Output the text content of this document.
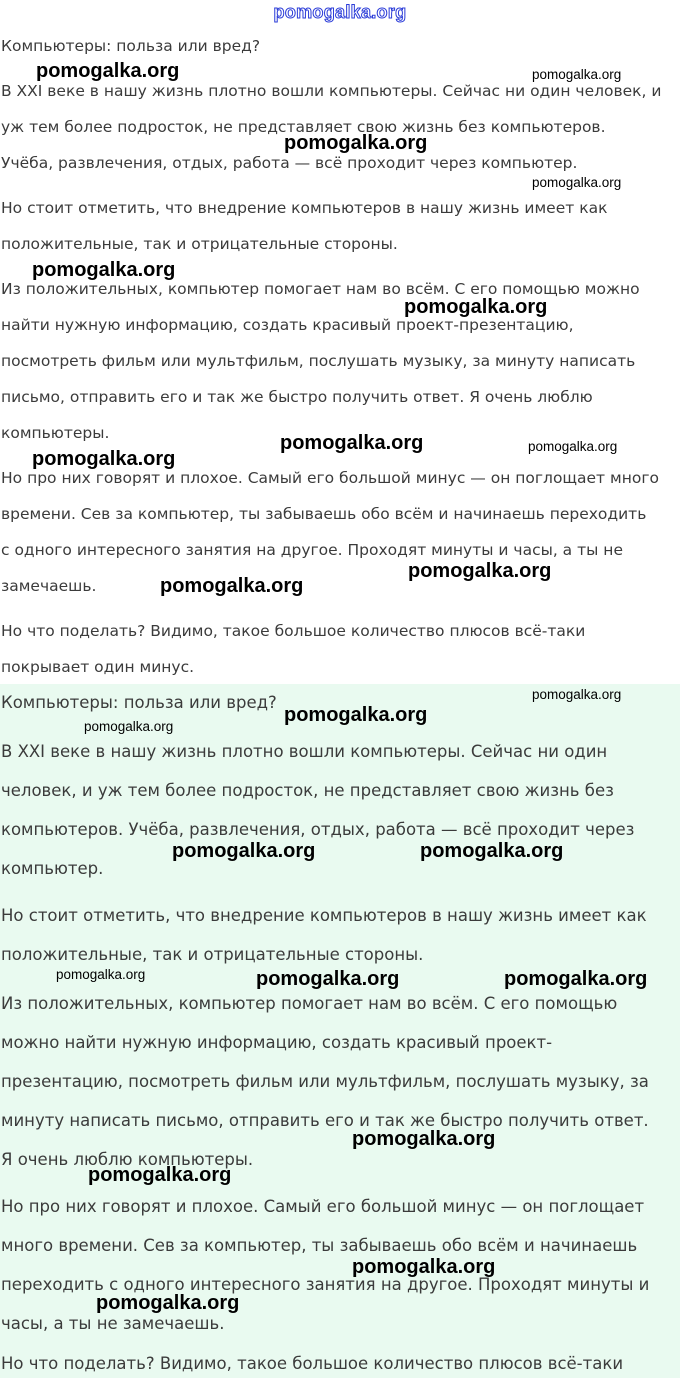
pomogalka.org
Компьютеры: польза или вред?
В XXI веке в нашу жизнь плотно вошли компьютеры. Сейчас ни один человек, и
уж тем более подросток, не представляет свою жизнь без компьютеров.
Учёба, развлечения, отдых, работа — всё проходит через компьютер.
Но стоит отметить, что внедрение компьютеров в нашу жизнь имеет как
положительные, так и отрицательные стороны.
Из положительных, компьютер помогает нам во всём. С его помощью можно
найти нужную информацию, создать красивый проект-презентацию,
посмотреть фильм или мультфильм, послушать музыку, за минуту написать
письмо, отправить его и так же быстро получить ответ. Я очень люблю
компьютеры.
Но про них говорят и плохое. Самый его большой минус — он поглощает много
времени. Сев за компьютер, ты забываешь обо всём и начинаешь переходить
с одного интересного занятия на другое. Проходят минуты и часы, а ты не
замечаешь.
Но что поделать? Видимо, такое большое количество плюсов всё-таки
покрывает один минус.
Компьютеры: польза или вред?
В XXI веке в нашу жизнь плотно вошли компьютеры. Сейчас ни один
человек, и уж тем более подросток, не представляет свою жизнь без
компьютеров. Учёба, развлечения, отдых, работа — всё проходит через
компьютер.
Но стоит отметить, что внедрение компьютеров в нашу жизнь имеет как
положительные, так и отрицательные стороны.
Из положительных, компьютер помогает нам во всём. С его помощью
можно найти нужную информацию, создать красивый проект-
презентацию, посмотреть фильм или мультфильм, послушать музыку, за
минуту написать письмо, отправить его и так же быстро получить ответ.
Я очень люблю компьютеры.
Но про них говорят и плохое. Самый его большой минус — он поглощает
много времени. Сев за компьютер, ты забываешь обо всём и начинаешь
переходить с одного интересного занятия на другое. Проходят минуты и
часы, а ты не замечаешь.
Но что поделать? Видимо, такое большое количество плюсов всё-таки
pomogalka.org	pomogalka.org
pomogalka.org
pomogalka.org
pomogalka.org
pomogalka.org
pomogalka.org	pomogalka.org
pomogalka.org
pomogalka.org
pomogalka.org
pomogalka.org
pomogalka.org
pomogalka.org
pomogalka.org	pomogalka.org
pomogalka.org	pomogalka.org	pomogalka.org
pomogalka.org
pomogalka.org
pomogalka.org
pomogalka.org
